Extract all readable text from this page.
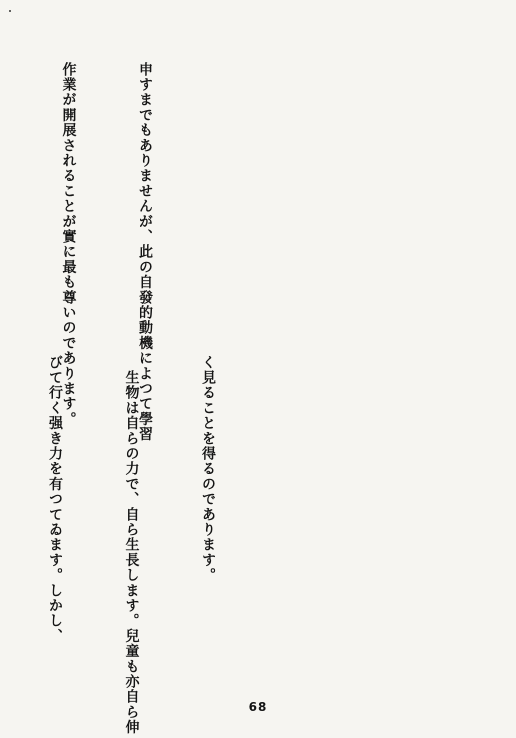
申すまでもありませんが、此の自發的動機によつて學習

作業が開展されることが實に最も尊いのであります。

く見ることを得るのであります。

　生物は自らの力で、自ら生長します。兒童も亦自ら伸

びて行く强き力を有つてゐます。しかし、

68
